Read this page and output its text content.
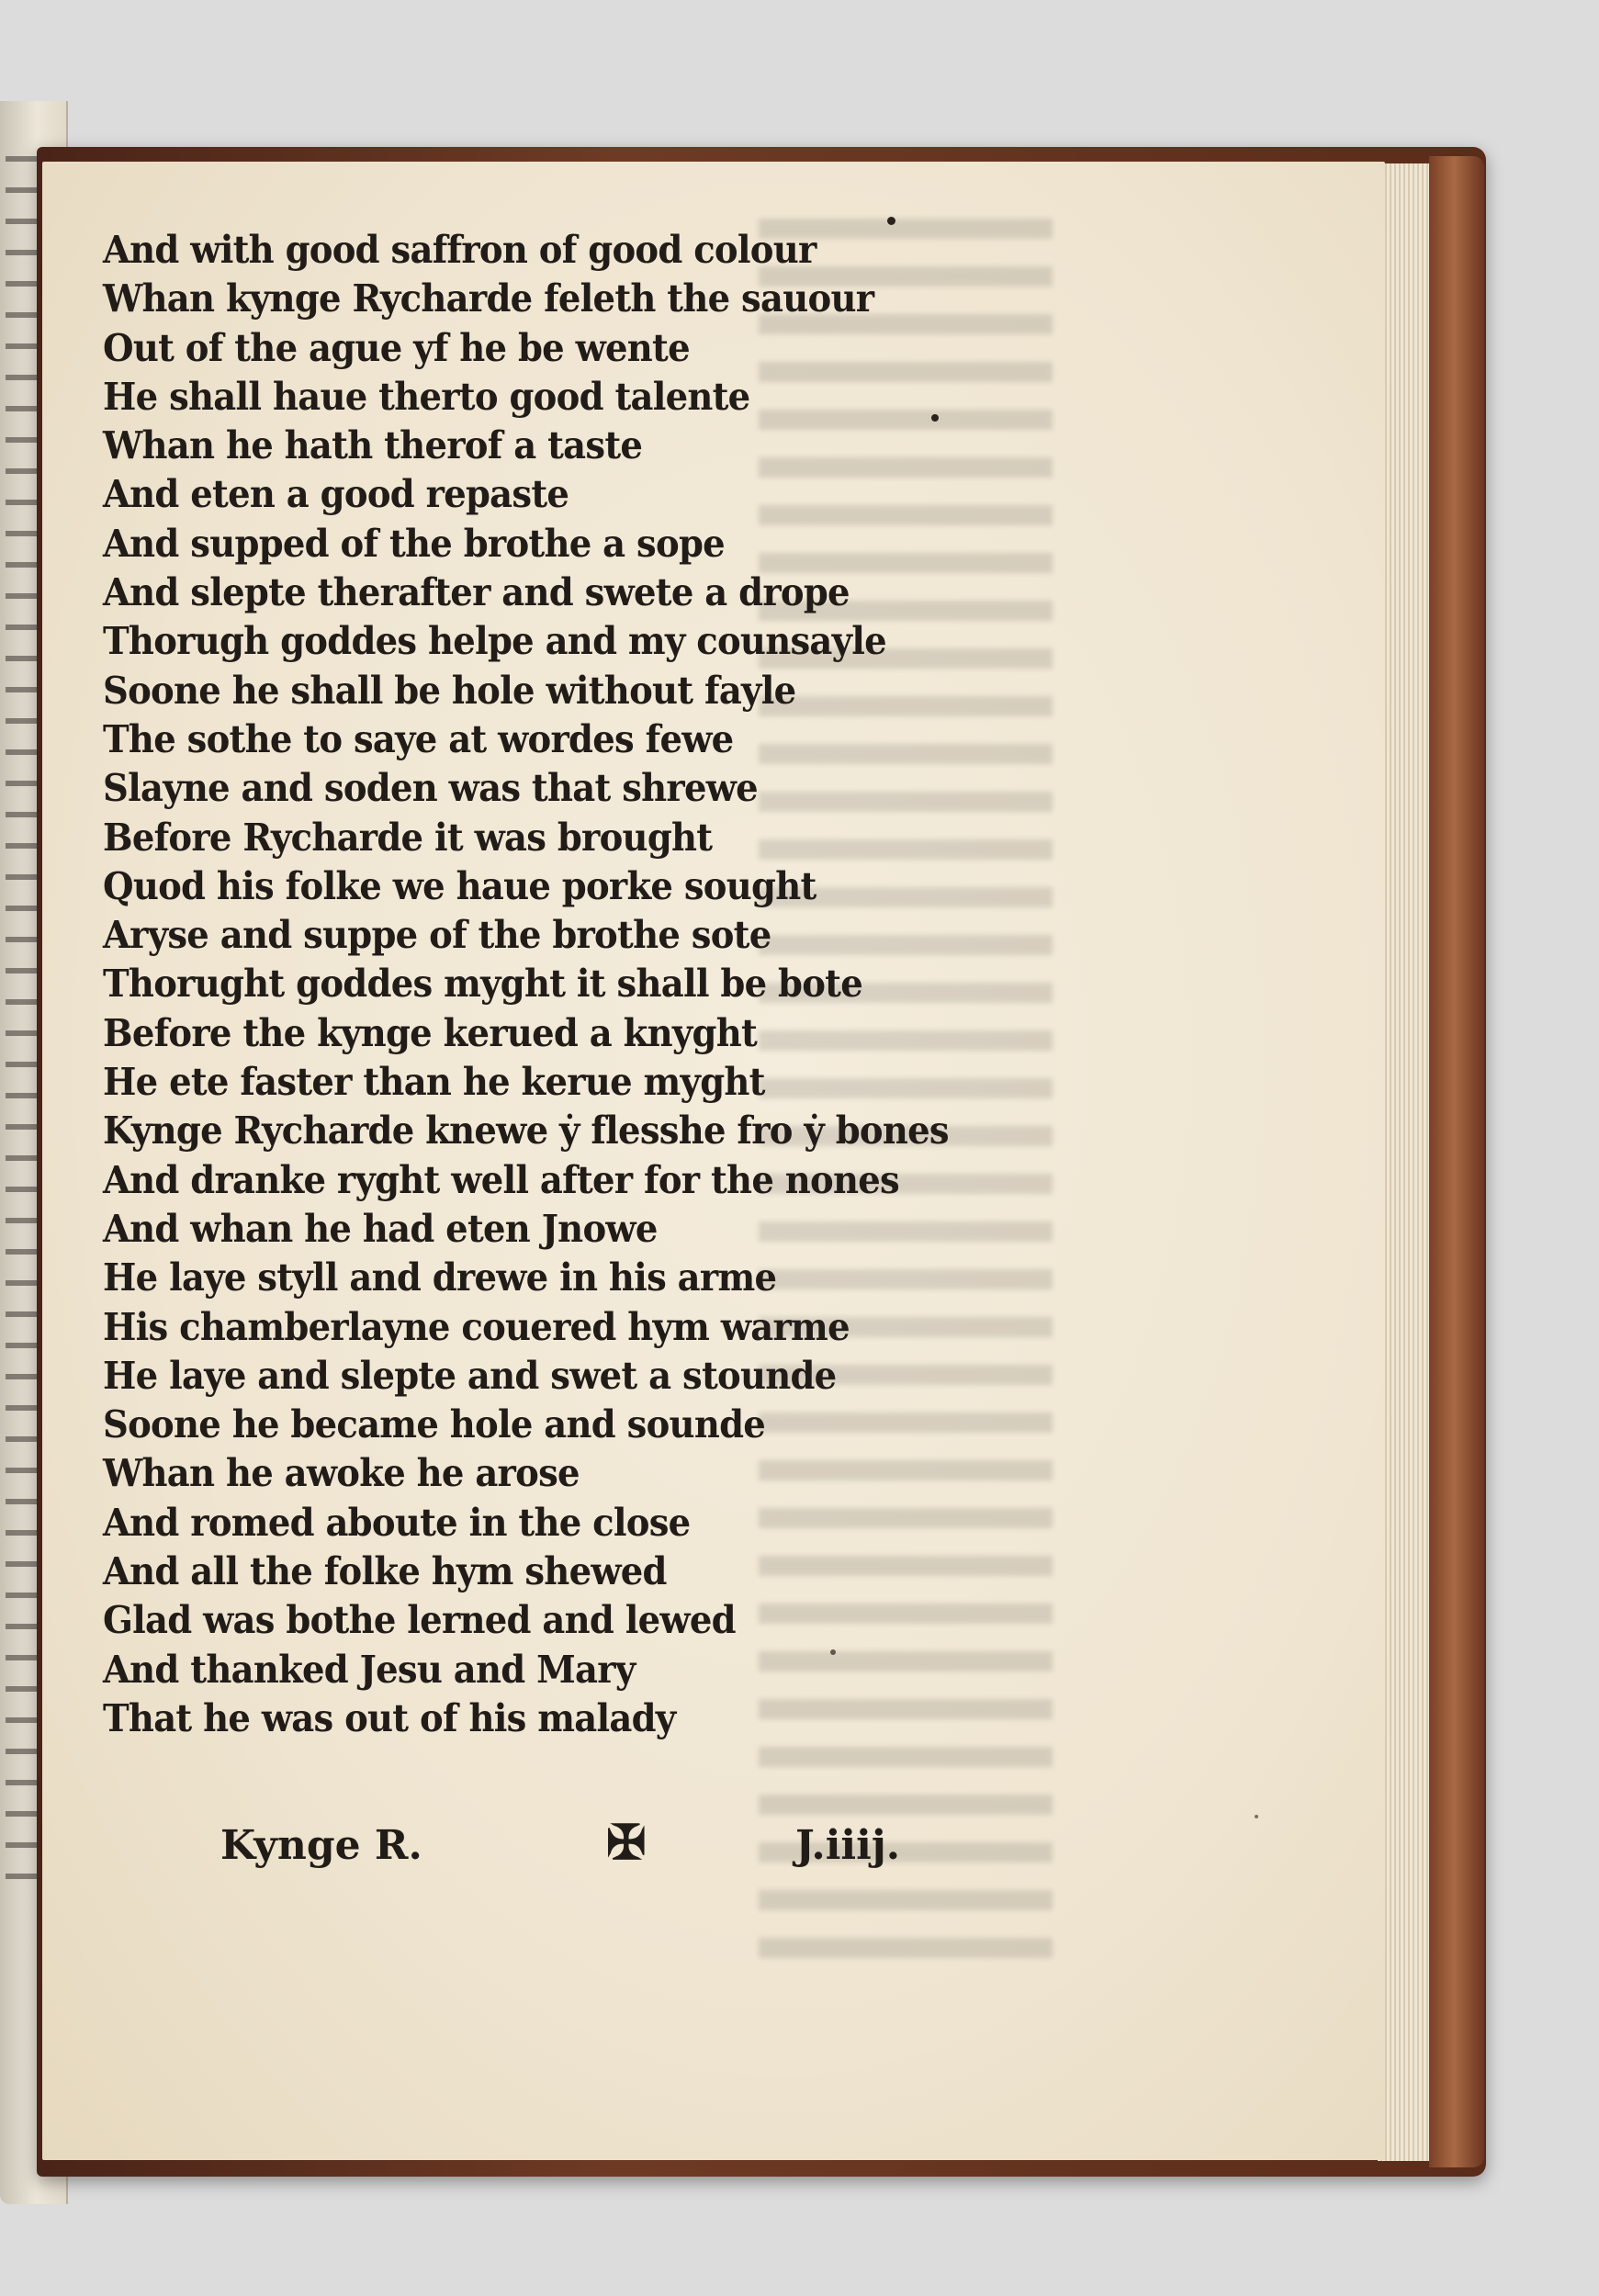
And with good saffron of good colour
Whan kynge Rycharde feleth the sauour
Out of the ague yf he be wente
He shall haue therto good talente
Whan he hath therof a taste
And eten a good repaste
And supped of the brothe a sope
And slepte therafter and swete a drope
Thorugh goddes helpe and my counsayle
Soone he shall be hole without fayle
The sothe to saye at wordes fewe
Slayne and soden was that shrewe
Before Rycharde it was brought
Quod his folke we haue porke sought
Aryse and suppe of the brothe sote
Thorught goddes myght it shall be bote
Before the kynge kerued a knyght
He ete faster than he kerue myght
Kynge Rycharde knewe ẏ flesshe fro ẏ bones
And dranke ryght well after for the nones
And whan he had eten Jnowe
He laye styll and drewe in his arme
His chamberlayne couered hym warme
He laye and slepte and swet a stounde
Soone he became hole and sounde
Whan he awoke he arose
And romed aboute in the close
And all the folke hym shewed
Glad was bothe lerned and lewed
And thanked Jesu and Mary
That he was out of his malady
Kynge R.	✠	J.iiij.
